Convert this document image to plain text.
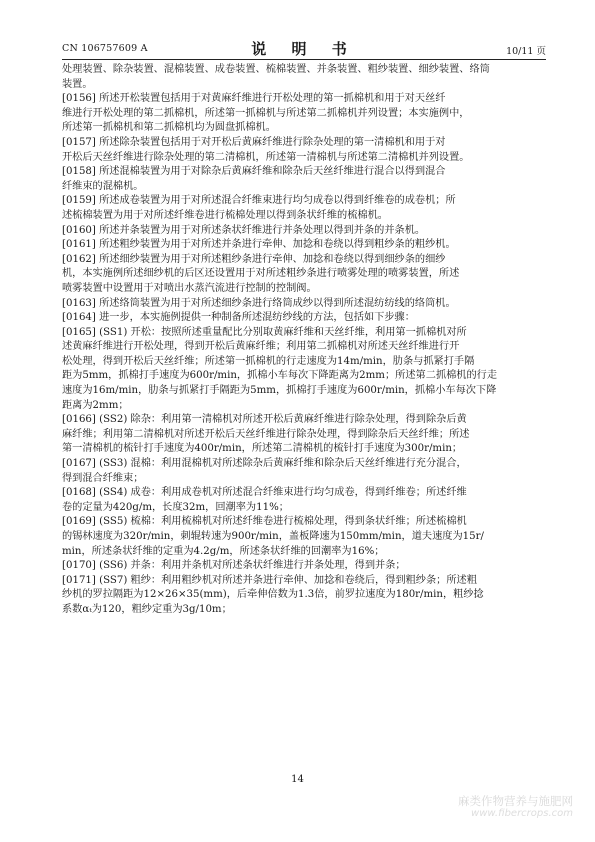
CN 106757609 A	说 明 书	10/11 页
处理装置、除杂装置、混棉装置、成卷装置、梳棉装置、并条装置、粗纱装置、细纱装置、络筒
装置。
[0156] 所述开松装置包括用于对黄麻纤维进行开松处理的第一抓棉机和用于对天丝纤
维进行开松处理的第二抓棉机，所述第一抓棉机与所述第二抓棉机并列设置；本实施例中，
所述第一抓棉机和第二抓棉机均为圆盘抓棉机。
[0157] 所述除杂装置包括用于对开松后黄麻纤维进行除杂处理的第一清棉机和用于对
开松后天丝纤维进行除杂处理的第二清棉机，所述第一清棉机与所述第二清棉机并列设置。
[0158] 所述混棉装置为用于对除杂后黄麻纤维和除杂后天丝纤维进行混合以得到混合
纤维束的混棉机。
[0159] 所述成卷装置为用于对所述混合纤维束进行均匀成卷以得到纤维卷的成卷机；所
述梳棉装置为用于对所述纤维卷进行梳棉处理以得到条状纤维的梳棉机。
[0160] 所述并条装置为用于对所述条状纤维进行并条处理以得到并条的并条机。
[0161] 所述粗纱装置为用于对所述并条进行牵伸、加捻和卷绕以得到粗纱条的粗纱机。
[0162] 所述细纱装置为用于对所述粗纱条进行牵伸、加捻和卷绕以得到细纱条的细纱
机，本实施例所述细纱机的后区还设置用于对所述粗纱条进行喷雾处理的喷雾装置，所述
喷雾装置中设置用于对喷出水蒸汽流进行控制的控制阀。
[0163] 所述络筒装置为用于对所述细纱条进行络筒成纱以得到所述混纺纺线的络筒机。
[0164] 进一步，本实施例提供一种制备所述混纺纱线的方法，包括如下步骤：
[0165] (SS1) 开松：按照所述重量配比分别取黄麻纤维和天丝纤维，利用第一抓棉机对所
述黄麻纤维进行开松处理，得到开松后黄麻纤维；利用第二抓棉机对所述天丝纤维进行开
松处理，得到开松后天丝纤维；所述第一抓棉机的行走速度为14m/min，肋条与抓紧打手隔
距为5mm，抓棉打手速度为600r/min，抓棉小车每次下降距离为2mm；所述第二抓棉机的行走
速度为16m/min，肋条与抓紧打手隔距为5mm，抓棉打手速度为600r/min，抓棉小车每次下降
距离为2mm；
[0166] (SS2) 除杂：利用第一清棉机对所述开松后黄麻纤维进行除杂处理，得到除杂后黄
麻纤维；利用第二清棉机对所述开松后天丝纤维进行除杂处理，得到除杂后天丝纤维；所述
第一清棉机的梳针打手速度为400r/min，所述第二清棉机的梳针打手速度为300r/min；
[0167] (SS3) 混棉：利用混棉机对所述除杂后黄麻纤维和除杂后天丝纤维进行充分混合，
得到混合纤维束；
[0168] (SS4) 成卷：利用成卷机对所述混合纤维束进行均匀成卷，得到纤维卷；所述纤维
卷的定量为420g/m，长度32m，回潮率为11%；
[0169] (SS5) 梳棉：利用梳棉机对所述纤维卷进行梳棉处理，得到条状纤维；所述梳棉机
的锡林速度为320r/min，刺辊转速为900r/min，盖板降速为150mm/min，道夫速度为15r/
min，所述条状纤维的定重为4.2g/m，所述条状纤维的回潮率为16%；
[0170] (SS6) 并条：利用并条机对所述条状纤维进行并条处理，得到并条；
[0171] (SS7) 粗纱：利用粗纱机对所述并条进行牵伸、加捻和卷绕后，得到粗纱条；所述粗
纱机的罗拉隔距为12×26×35(mm)，后牵伸倍数为1.3倍，前罗拉速度为180r/min，粗纱捻
系数αₜ为120，粗纱定重为3g/10m；
14
麻类作物营养与施肥网
www.fibercrops.com
